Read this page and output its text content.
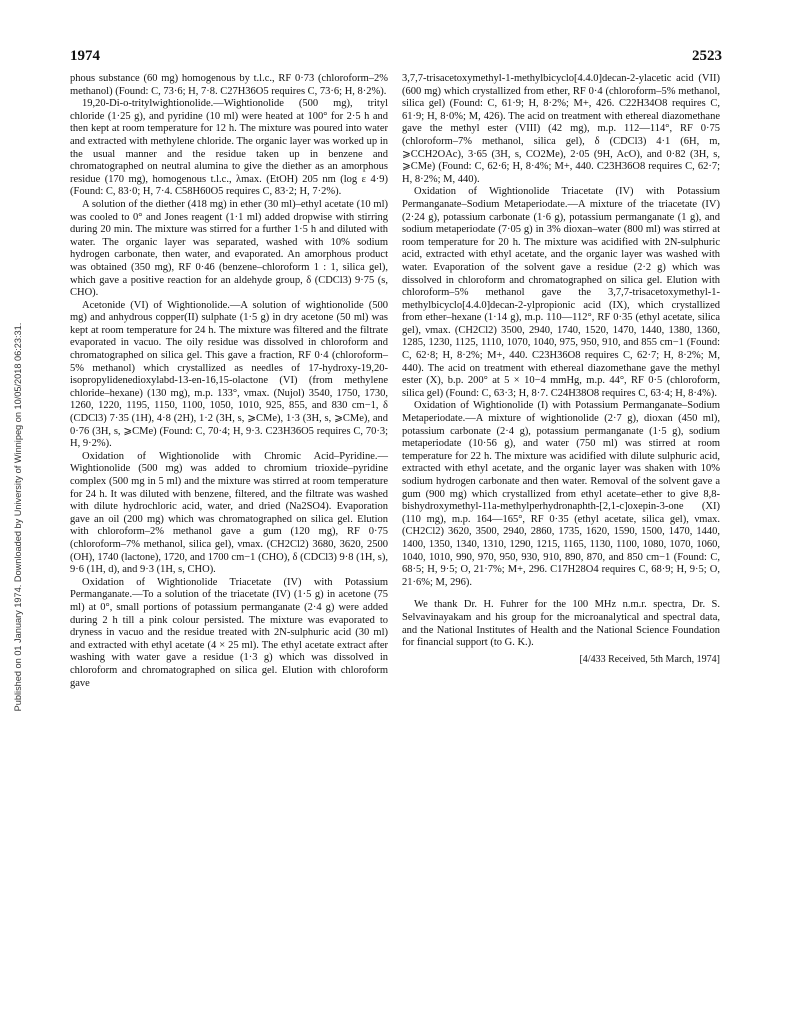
1974	2523
Published on 01 January 1974. Downloaded by University of Winnipeg on 10/05/2018 06:23:31.

phous substance (60 mg) homogenous by t.l.c., RF 0·73 (chloroform–2% methanol) (Found: C, 73·6; H, 7·8. C27H36O5 requires C, 73·6; H, 8·2%).

19,20-Di-o-tritylwightionolide.—Wightionolide (500 mg), trityl chloride (1·25 g), and pyridine (10 ml) were heated at 100° for 2·5 h and then kept at room temperature for 12 h. The mixture was poured into water and extracted with methylene chloride. The organic layer was worked up in the usual manner and the residue taken up in benzene and chromatographed on neutral alumina to give the diether as an amorphous residue (170 mg), homogenous t.l.c., λmax. (EtOH) 205 nm (log ε 4·9) (Found: C, 83·0; H, 7·4. C58H60O5 requires C, 83·2; H, 7·2%).

A solution of the diether (418 mg) in ether (30 ml)–ethyl acetate (10 ml) was cooled to 0° and Jones reagent (1·1 ml) added dropwise with stirring during 20 min. The mixture was stirred for a further 1·5 h and diluted with water. The organic layer was separated, washed with 10% sodium hydrogen carbonate, then water, and evaporated. An amorphous product was obtained (350 mg), RF 0·46 (benzene–chloroform 1 : 1, silica gel), which gave a positive reaction for an aldehyde group, δ (CDCl3) 9·75 (s, CHO).

Acetonide (VI) of Wightionolide.—A solution of wightionolide (500 mg) and anhydrous copper(II) sulphate (1·5 g) in dry acetone (50 ml) was kept at room temperature for 24 h. The mixture was filtered and the filtrate evaporated in vacuo. The oily residue was dissolved in chloroform and chromatographed on silica gel. This gave a fraction, RF 0·4 (chloroform–5% methanol) which crystallized as needles of 17-hydroxy-19,20-isopropylidenedioxylabd-13-en-16,15-olactone (VI) (from methylene chloride–hexane) (130 mg), m.p. 133°, νmax. (Nujol) 3540, 1750, 1730, 1260, 1220, 1195, 1150, 1100, 1050, 1010, 925, 855, and 830 cm−1, δ (CDCl3) 7·35 (1H), 4·8 (2H), 1·2 (3H, s, ⩾CMe), 1·3 (3H, s, ⩾CMe), and 0·76 (3H, s, ⩾CMe) (Found: C, 70·4; H, 9·3. C23H36O5 requires C, 70·3; H, 9·2%).

Oxidation of Wightionolide with Chromic Acid–Pyridine.—Wightionolide (500 mg) was added to chromium trioxide–pyridine complex (500 mg in 5 ml) and the mixture was stirred at room temperature for 24 h. It was diluted with benzene, filtered, and the filtrate was washed with dilute hydrochloric acid, water, and dried (Na2SO4). Evaporation gave an oil (200 mg) which was chromatographed on silica gel. Elution with chloroform–2% methanol gave a gum (120 mg), RF 0·75 (chloroform–7% methanol, silica gel), νmax. (CH2Cl2) 3680, 3620, 2500 (OH), 1740 (lactone), 1720, and 1700 cm−1 (CHO), δ (CDCl3) 9·8 (1H, s), 9·6 (1H, d), and 9·3 (1H, s, CHO).

Oxidation of Wightionolide Triacetate (IV) with Potassium Permanganate.—To a solution of the triacetate (IV) (1·5 g) in acetone (75 ml) at 0°, small portions of potassium permanganate (2·4 g) were added during 2 h till a pink colour persisted. The mixture was evaporated to dryness in vacuo and the residue treated with 2N-sulphuric acid (30 ml) and extracted with ethyl acetate (4 × 25 ml). The ethyl acetate extract after washing with water gave a residue (1·3 g) which was dissolved in chloroform and chromatographed on silica gel. Elution with chloroform gave

3,7,7-trisacetoxymethyl-1-methylbicyclo[4.4.0]decan-2-ylacetic acid (VII) (600 mg) which crystallized from ether, RF 0·4 (chloroform–5% methanol, silica gel) (Found: C, 61·9; H, 8·2%; M+, 426. C22H34O8 requires C, 61·9; H, 8·0%; M, 426). The acid on treatment with ethereal diazomethane gave the methyl ester (VIII) (42 mg), m.p. 112—114°, RF 0·75 (chloroform–7% methanol, silica gel), δ (CDCl3) 4·1 (6H, m, ⩾CCH2OAc), 3·65 (3H, s, CO2Me), 2·05 (9H, AcO), and 0·82 (3H, s, ⩾CMe) (Found: C, 62·6; H, 8·4%; M+, 440. C23H36O8 requires C, 62·7; H, 8·2%; M, 440).

Oxidation of Wightionolide Triacetate (IV) with Potassium Permanganate–Sodium Metaperiodate.—A mixture of the triacetate (IV) (2·24 g), potassium carbonate (1·6 g), potassium permanganate (1 g), and sodium metaperiodate (7·05 g) in 3% dioxan–water (800 ml) was stirred at room temperature for 20 h. The mixture was acidified with 2N-sulphuric acid, extracted with ethyl acetate, and the organic layer was washed with water. Evaporation of the solvent gave a residue (2·2 g) which was dissolved in chloroform and chromatographed on silica gel. Elution with chloroform–5% methanol gave the 3,7,7-trisacetoxymethyl-1-methylbicyclo[4.4.0]decan-2-ylpropionic acid (IX), which crystallized from ether–hexane (1·14 g), m.p. 110—112°, RF 0·35 (ethyl acetate, silica gel), νmax. (CH2Cl2) 3500, 2940, 1740, 1520, 1470, 1440, 1380, 1360, 1285, 1230, 1125, 1110, 1070, 1040, 975, 950, 910, and 855 cm−1 (Found: C, 62·8; H, 8·2%; M+, 440. C23H36O8 requires C, 62·7; H, 8·2%; M, 440). The acid on treatment with ethereal diazomethane gave the methyl ester (X), b.p. 200° at 5 × 10−4 mmHg, m.p. 44°, RF 0·5 (chloroform, silica gel) (Found: C, 63·3; H, 8·7. C24H38O8 requires C, 63·4; H, 8·4%).

Oxidation of Wightionolide (I) with Potassium Permanganate–Sodium Metaperiodate.—A mixture of wightionolide (2·7 g), dioxan (450 ml), potassium carbonate (2·4 g), potassium permanganate (1·5 g), sodium metaperiodate (10·56 g), and water (750 ml) was stirred at room temperature for 22 h. The mixture was acidified with dilute sulphuric acid, extracted with ethyl acetate, and the organic layer was shaken with 10% sodium hydrogen carbonate and then water. Removal of the solvent gave a gum (900 mg) which crystallized from ethyl acetate–ether to give 8,8-bishydroxymethyl-11a-methylperhydronaphth-[2,1-c]oxepin-3-one (XI) (110 mg), m.p. 164—165°, RF 0·35 (ethyl acetate, silica gel), νmax. (CH2Cl2) 3620, 3500, 2940, 2860, 1735, 1620, 1590, 1500, 1470, 1440, 1400, 1350, 1340, 1310, 1290, 1215, 1165, 1130, 1100, 1080, 1070, 1060, 1040, 1010, 990, 970, 950, 930, 910, 890, 870, and 850 cm−1 (Found: C, 68·5; H, 9·5; O, 21·7%; M+, 296. C17H28O4 requires C, 68·9; H, 9·5; O, 21·6%; M, 296).

We thank Dr. H. Fuhrer for the 100 MHz n.m.r. spectra, Dr. S. Selvavinayakam and his group for the microanalytical and spectral data, and the National Institutes of Health and the National Science Foundation for financial support (to G. K.).

[4/433 Received, 5th March, 1974]
